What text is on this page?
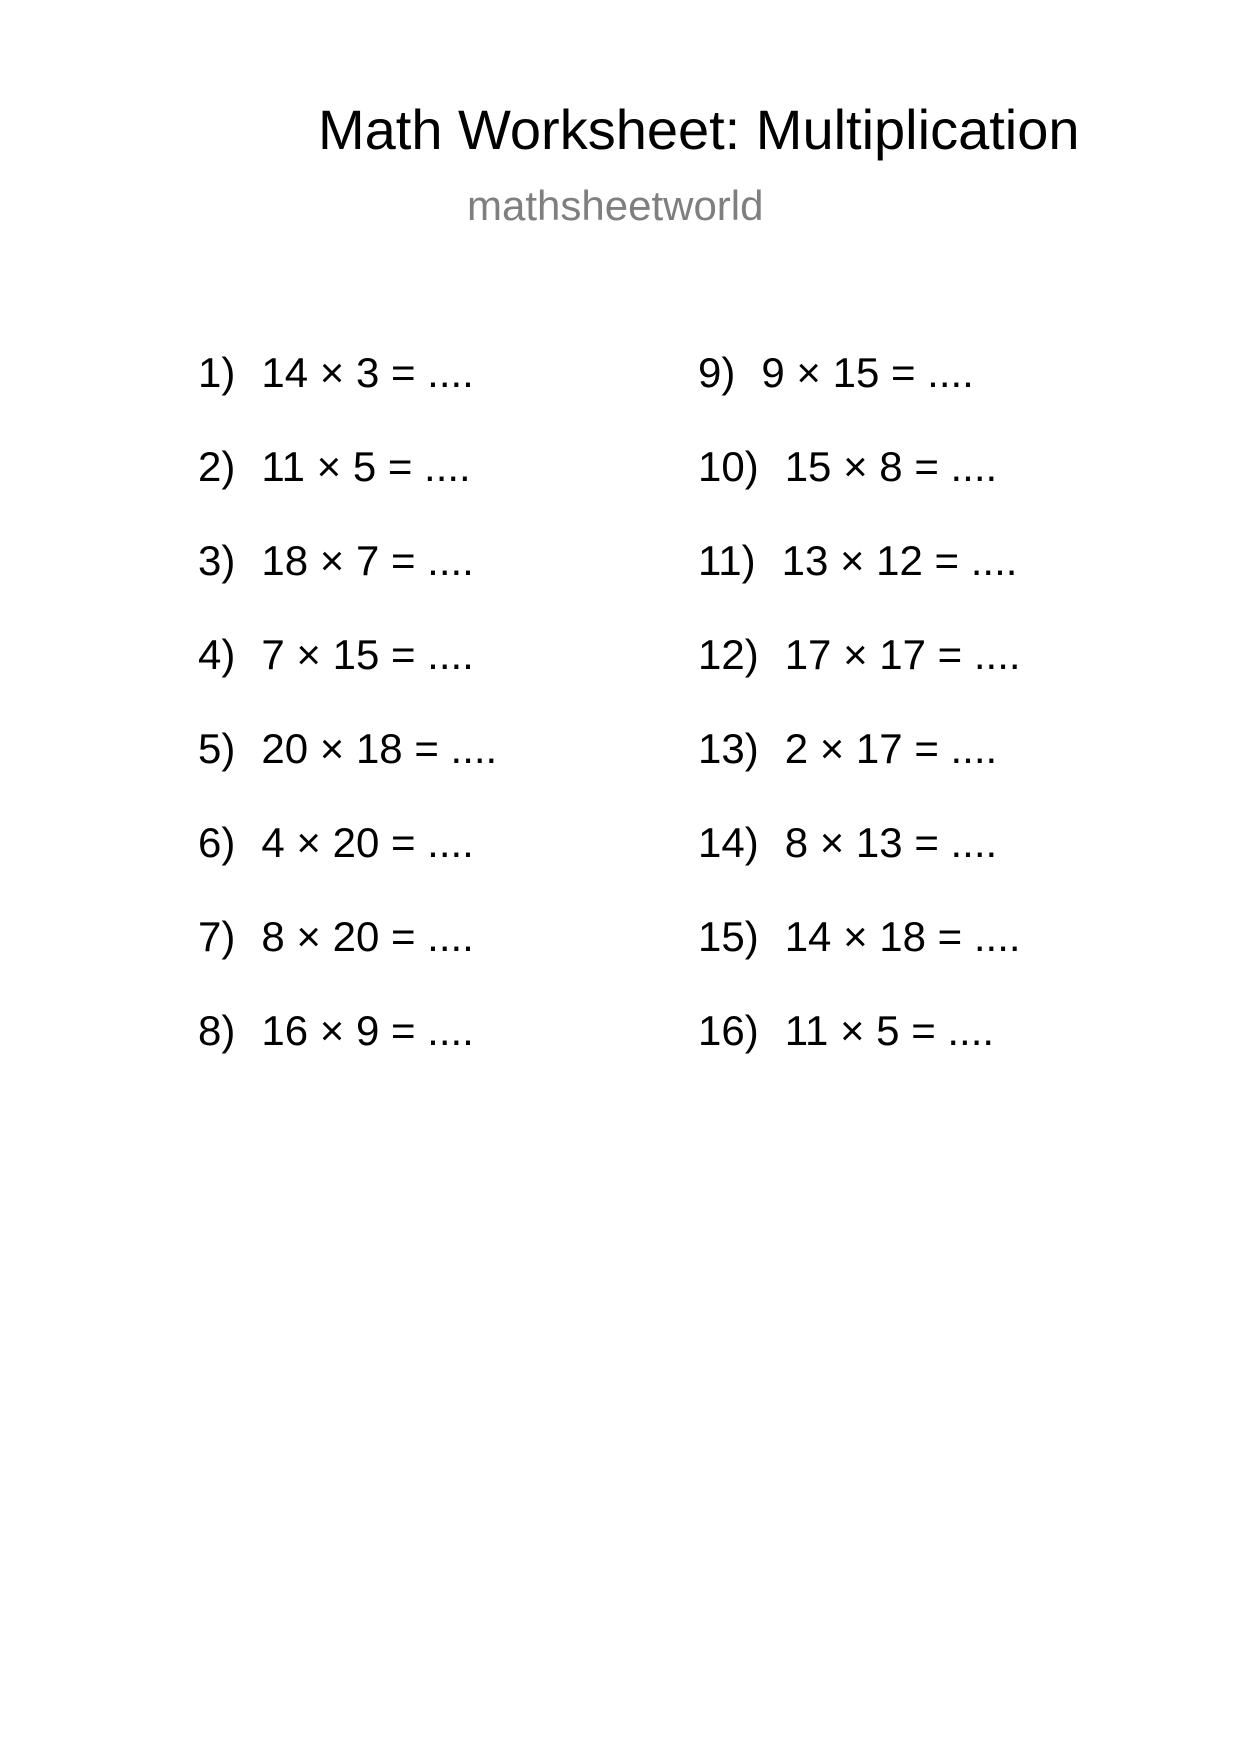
Math Worksheet: Multiplication
mathsheetworld
1) 14 × 3 = ....
2) 11 × 5 = ....
3) 18 × 7 = ....
4) 7 × 15 = ....
5) 20 × 18 = ....
6) 4 × 20 = ....
7) 8 × 20 = ....
8) 16 × 9 = ....
9) 9 × 15 = ....
10) 15 × 8 = ....
11) 13 × 12 = ....
12) 17 × 17 = ....
13) 2 × 17 = ....
14) 8 × 13 = ....
15) 14 × 18 = ....
16) 11 × 5 = ....
